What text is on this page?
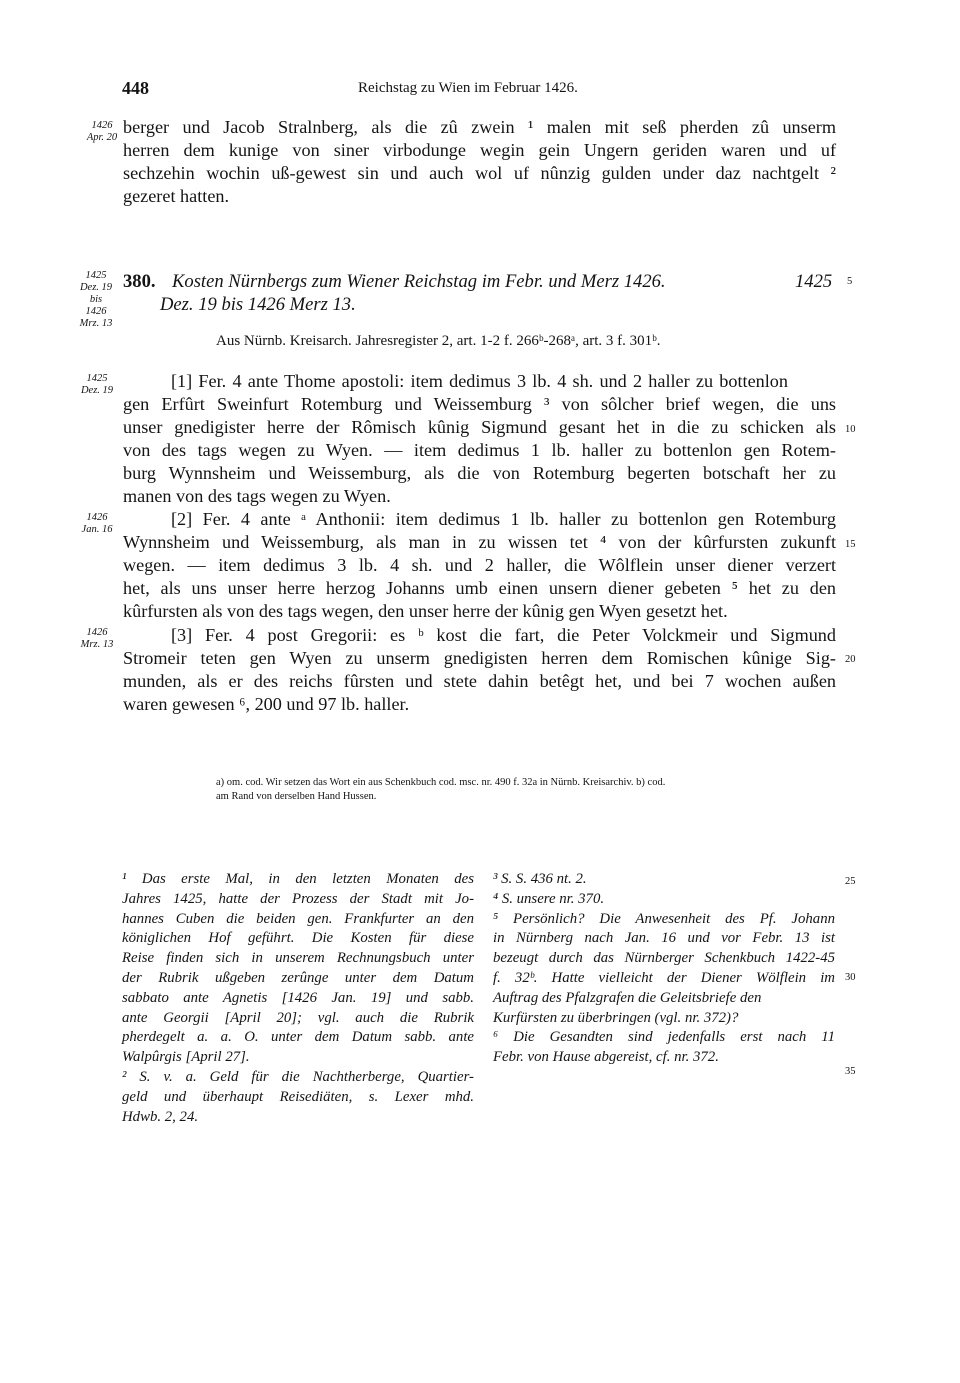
448	Reichstag zu Wien im Februar 1426.
1426
Apr. 20
berger und Jacob Stralnberg, als die zû zwein ¹ malen mit seß pherden zû unserm
herren dem kunige von siner virbodunge wegin gein Ungern geriden waren und uf
sechzehin wochin uß-gewest sin und auch wol uf nûnzig gulden under daz nachtgelt ²
gezeret hatten.
1425
Dez. 19
bis
1426
Mrz. 13
380. Kosten Nürnbergs zum Wiener Reichstag im Febr. und Merz 1426.	1425
Dez. 19 bis 1426 Merz 13.
Aus Nürnb. Kreisarch. Jahresregister 2, art. 1-2 f. 266ᵇ-268ᵃ, art. 3 f. 301ᵇ.
1425
Dez. 19	[1] Fer. 4 ante Thome apostoli: item dedimus 3 lb. 4 sh. und 2 haller zu bottenlon
gen Erfûrt Sweinfurt Rotemburg und Weissemburg ³ von sôlcher brief wegen, die uns
unser gnedigister herre der Rômisch kûnig Sigmund gesant het in die zu schicken als
von des tags wegen zu Wyen. — item dedimus 1 lb. haller zu bottenlon gen Rotem-
burg Wynnsheim und Weissemburg, als die von Rotemburg begerten botschaft her zu
manen von des tags wegen zu Wyen.
1426
Jan. 16
[2] Fer. 4 ante ᵃ Anthonii: item dedimus 1 lb. haller zu bottenlon gen Rotemburg
Wynnsheim und Weissemburg, als man in zu wissen tet ⁴ von der kûrfursten zukunft
wegen. — item dedimus 3 lb. 4 sh. und 2 haller, die Wôlflein unser diener verzert
het, als uns unser herre herzog Johanns umb einen unsern diener gebeten ⁵ het zu den
kûrfursten als von des tags wegen, den unser herre der kûnig gen Wyen gesetzt het.
1426
Mrz. 13	[3] Fer. 4 post Gregorii: es ᵇ kost die fart, die Peter Volckmeir und Sigmund
Stromeir teten gen Wyen zu unserm gnedigisten herren dem Romischen kûnige Sig-
munden, als er des reichs fûrsten und stete dahin betêgt het, und bei 7 wochen außen
waren gewesen ⁶, 200 und 97 lb. haller.
5
10
15
20
25
30
35
a) om. cod. Wir setzen das Wort ein aus Schenkbuch cod. msc. nr. 490 f. 32a in Nürnb. Kreisarchiv. b) cod.
am Rand von derselben Hand Hussen.
¹ Das erste Mal, in den letzten Monaten des
Jahres 1425, hatte der Prozess der Stadt mit Jo-
hannes Cuben die beiden gen. Frankfurter an den
königlichen Hof geführt. Die Kosten für diese
Reise finden sich in unserem Rechnungsbuch unter
der Rubrik ußgeben zerûnge unter dem Datum
sabbato ante Agnetis [1426 Jan. 19] und sabb.
ante Georgii [April 20]; vgl. auch die Rubrik
pherdegelt a. a. O. unter dem Datum sabb. ante
Walpûrgis [April 27].
² S. v. a. Geld für die Nachtherberge, Quartier-
geld und überhaupt Reisediäten, s. Lexer mhd.
Hdwb. 2, 24.
³ S. S. 436 nt. 2.
⁴ S. unsere nr. 370.
⁵ Persönlich? Die Anwesenheit des Pf. Johann
in Nürnberg nach Jan. 16 und vor Febr. 13 ist
bezeugt durch das Nürnberger Schenkbuch 1422-45
f. 32ᵇ. Hatte vielleicht der Diener Wölflein im
Auftrag des Pfalzgrafen die Geleitsbriefe den
Kurfürsten zu überbringen (vgl. nr. 372)?
⁶ Die Gesandten sind jedenfalls erst nach 11
Febr. von Hause abgereist, cf. nr. 372.
